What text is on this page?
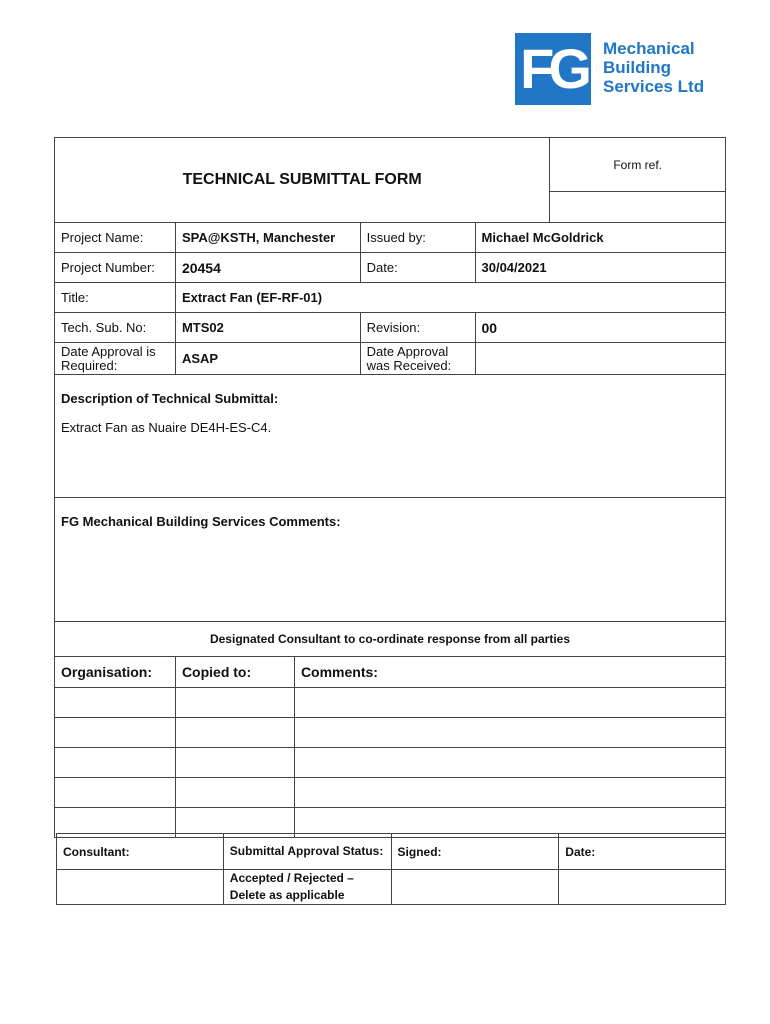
FG	Mechanical
Building
Services Ltd
TECHNICAL SUBMITTAL FORM	Form ref.

Project Name:	SPA@KSTH, Manchester	Issued by:	Michael McGoldrick
Project Number:	20454	Date:	30/04/2021
Title:	Extract Fan (EF-RF-01)
Tech. Sub. No:	MTS02	Revision:	00
Date Approval is Required:	ASAP	Date Approval was Received:	

Description of Technical Submittal:
Extract Fan as Nuaire DE4H-ES-C4.

FG Mechanical Building Services Comments:

Designated Consultant to co-ordinate response from all parties
Organisation:	Copied to:	Comments:

Consultant:	Submittal Approval Status:	Signed:	Date:
	Accepted / Rejected – Delete as applicable		
